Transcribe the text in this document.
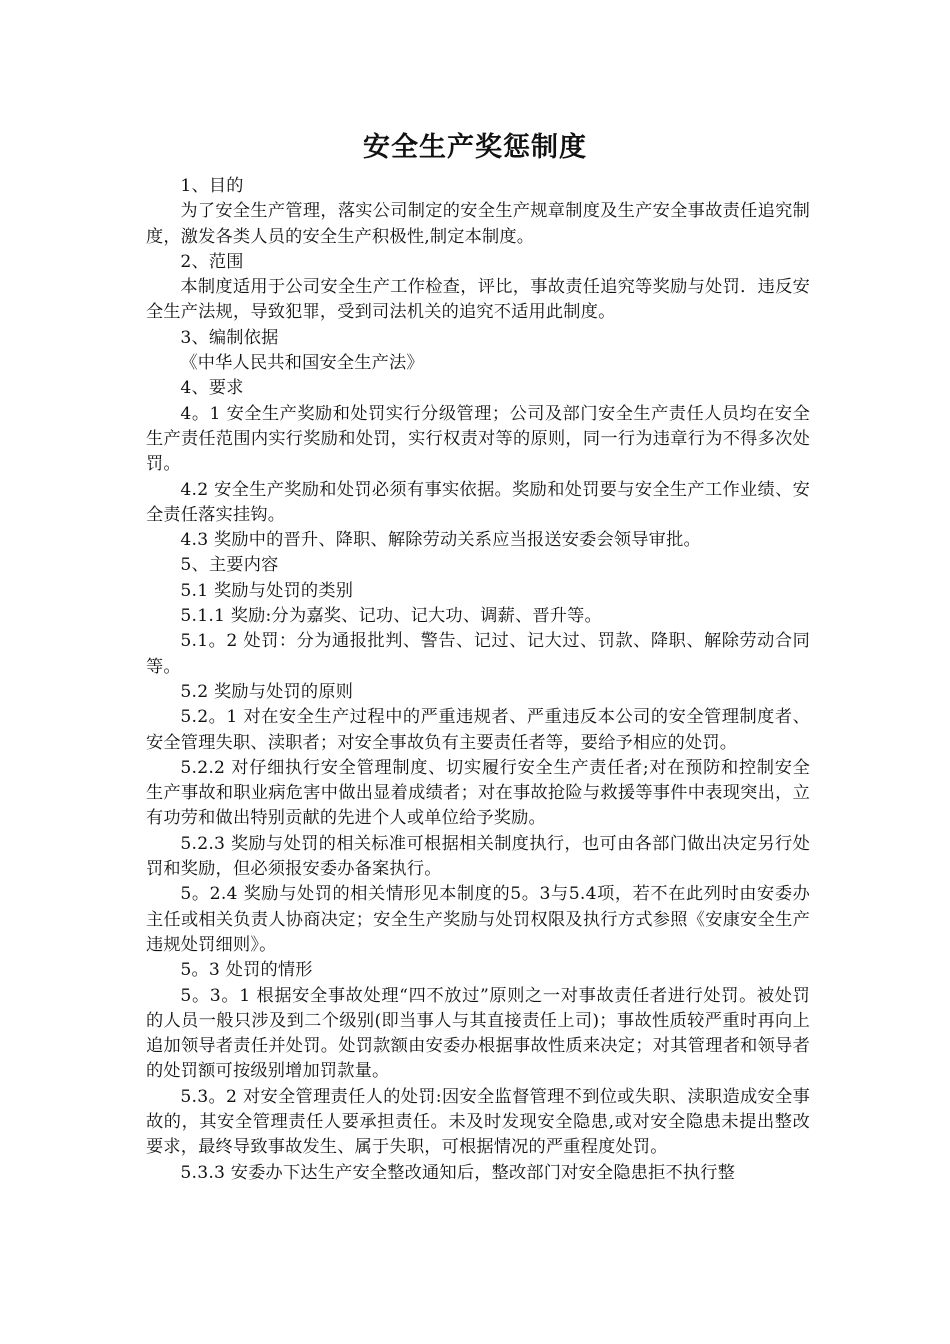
安全生产奖惩制度

1、目的

为了安全生产管理，落实公司制定的安全生产规章制度及生产安全事故责任追究制度，激发各类人员的安全生产积极性,制定本制度。

2、范围

本制度适用于公司安全生产工作检查，评比，事故责任追究等奖励与处罚．违反安全生产法规，导致犯罪，受到司法机关的追究不适用此制度。

3、编制依据

《中华人民共和国安全生产法》

4、要求

4。1 安全生产奖励和处罚实行分级管理；公司及部门安全生产责任人员均在安全生产责任范围内实行奖励和处罚，实行权责对等的原则，同一行为违章行为不得多次处罚。

4.2 安全生产奖励和处罚必须有事实依据。奖励和处罚要与安全生产工作业绩、安全责任落实挂钩。

4.3 奖励中的晋升、降职、解除劳动关系应当报送安委会领导审批。

5、主要内容

5.1 奖励与处罚的类别

5.1.1 奖励:分为嘉奖、记功、记大功、调薪、晋升等。

5.1。2 处罚：分为通报批判、警告、记过、记大过、罚款、降职、解除劳动合同等。

5.2 奖励与处罚的原则

5.2。1 对在安全生产过程中的严重违规者、严重违反本公司的安全管理制度者、安全管理失职、渎职者；对安全事故负有主要责任者等，要给予相应的处罚。

5.2.2 对仔细执行安全管理制度、切实履行安全生产责任者;对在预防和控制安全生产事故和职业病危害中做出显着成绩者；对在事故抢险与救援等事件中表现突出，立有功劳和做出特别贡献的先进个人或单位给予奖励。

5.2.3 奖励与处罚的相关标准可根据相关制度执行，也可由各部门做出决定另行处罚和奖励，但必须报安委办备案执行。

5。2.4 奖励与处罚的相关情形见本制度的5。3与5.4项，若不在此列时由安委办主任或相关负责人协商决定；安全生产奖励与处罚权限及执行方式参照《安康安全生产违规处罚细则》。

5。3 处罚的情形

5。3。1 根据安全事故处理“四不放过”原则之一对事故责任者进行处罚。被处罚的人员一般只涉及到二个级别(即当事人与其直接责任上司)；事故性质较严重时再向上追加领导者责任并处罚。处罚款额由安委办根据事故性质来决定；对其管理者和领导者的处罚额可按级别增加罚款量。

5.3。2 对安全管理责任人的处罚:因安全监督管理不到位或失职、渎职造成安全事故的，其安全管理责任人要承担责任。未及时发现安全隐患,或对安全隐患未提出整改要求，最终导致事故发生、属于失职，可根据情况的严重程度处罚。

5.3.3 安委办下达生产安全整改通知后，整改部门对安全隐患拒不执行整
